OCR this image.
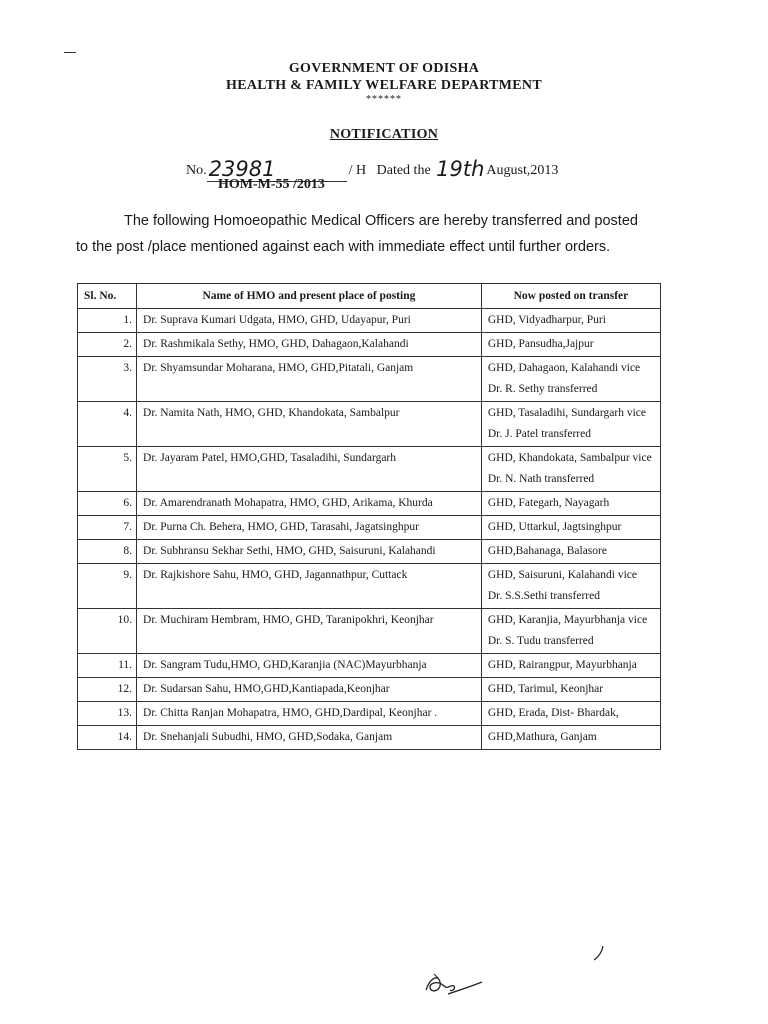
GOVERNMENT OF ODISHA
HEALTH & FAMILY WELFARE DEPARTMENT
******
NOTIFICATION
No.23981	/ H Dated the 19th August,2013
HOM-M-55 /2013
The following Homoeopathic Medical Officers are hereby transferred and posted
to the post /place mentioned against each with immediate effect until further orders.
Sl. No.	Name of HMO and present place of posting	Now posted on transfer
1.	Dr. Suprava Kumari Udgata, HMO, GHD, Udayapur, Puri	GHD, Vidyadharpur, Puri
2.	Dr. Rashmikala Sethy, HMO, GHD, Dahagaon,Kalahandi	GHD, Pansudha,Jajpur
3.	Dr. Shyamsundar Moharana, HMO, GHD,Pitatali, Ganjam	GHD, Dahagaon, Kalahandi vice Dr. R. Sethy transferred
4.	Dr. Namita Nath, HMO, GHD, Khandokata, Sambalpur	GHD, Tasaladihi, Sundargarh vice Dr. J. Patel transferred
5.	Dr. Jayaram Patel, HMO,GHD, Tasaladihi, Sundargarh	GHD, Khandokata, Sambalpur vice Dr. N. Nath transferred
6.	Dr. Amarendranath Mohapatra, HMO, GHD, Arikama, Khurda	GHD, Fategarh, Nayagarh
7.	Dr. Purna Ch. Behera, HMO, GHD, Tarasahi, Jagatsinghpur	GHD, Uttarkul, Jagtsinghpur
8.	Dr. Subhransu Sekhar Sethi, HMO, GHD, Saisuruni, Kalahandi	GHD,Bahanaga, Balasore
9.	Dr. Rajkishore Sahu, HMO, GHD, Jagannathpur, Cuttack	GHD, Saisuruni, Kalahandi vice Dr. S.S.Sethi transferred
10.	Dr. Muchiram Hembram, HMO, GHD, Taranipokhri, Keonjhar	GHD, Karanjia, Mayurbhanja vice Dr. S. Tudu transferred
11.	Dr. Sangram Tudu,HMO, GHD,Karanjia (NAC)Mayurbhanja	GHD, Rairangpur, Mayurbhanja
12.	Dr. Sudarsan Sahu, HMO,GHD,Kantiapada,Keonjhar	GHD, Tarimul, Keonjhar
13.	Dr. Chitta Ranjan Mohapatra, HMO, GHD,Dardipal, Keonjhar .	GHD, Erada, Dist- Bhardak,
14.	Dr. Snehanjali Subudhi, HMO, GHD,Sodaka, Ganjam	GHD,Mathura, Ganjam
